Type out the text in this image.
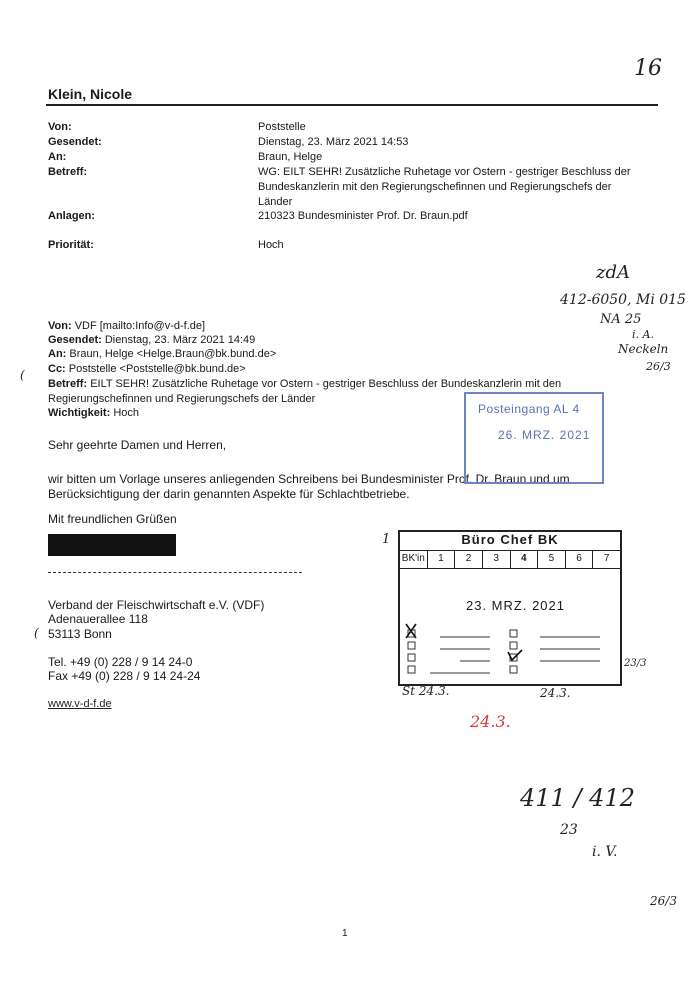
Klein, Nicole
Von:	Poststelle
Gesendet:	Dienstag, 23. März 2021 14:53
An:	Braun, Helge
Betreff:	WG: EILT SEHR! Zusätzliche Ruhetage vor Ostern - gestriger Beschluss der
Bundeskanzlerin mit den Regierungschefinnen und Regierungschefs der
Länder
Anlagen:	210323 Bundesminister Prof. Dr. Braun.pdf
Priorität:	Hoch
Von: VDF [mailto:Info@v-d-f.de]
Gesendet: Dienstag, 23. März 2021 14:49
An: Braun, Helge <Helge.Braun@bk.bund.de>
Cc: Poststelle <Poststelle@bk.bund.de>
Betreff: EILT SEHR! Zusätzliche Ruhetage vor Ostern - gestriger Beschluss der Bundeskanzlerin mit den
Regierungschefinnen und Regierungschefs der Länder
Wichtigkeit: Hoch
Sehr geehrte Damen und Herren,
wir bitten um Vorlage unseres anliegenden Schreibens bei Bundesminister Prof. Dr. Braun und um
Berücksichtigung der darin genannten Aspekte für Schlachtbetriebe.
Mit freundlichen Grüßen
Verband der Fleischwirtschaft e.V. (VDF)
Adenauerallee 118
53113 Bonn
Tel. +49 (0) 228 / 9 14 24-0
Fax +49 (0) 228 / 9 14 24-24
www.v-d-f.de
Posteingang AL 4
26. MRZ. 2021
Büro Chef BK
BK'in	1	2	3	4	5	6	7
23. MRZ. 2021
16
zdA
412-6050, Mi 015
NA 25
i. A.
Neckeln
26/3
23/3
St 24.3.	24.3.
24.3.
411 / 412
23
i. V.
26/3
1
(
(
1
